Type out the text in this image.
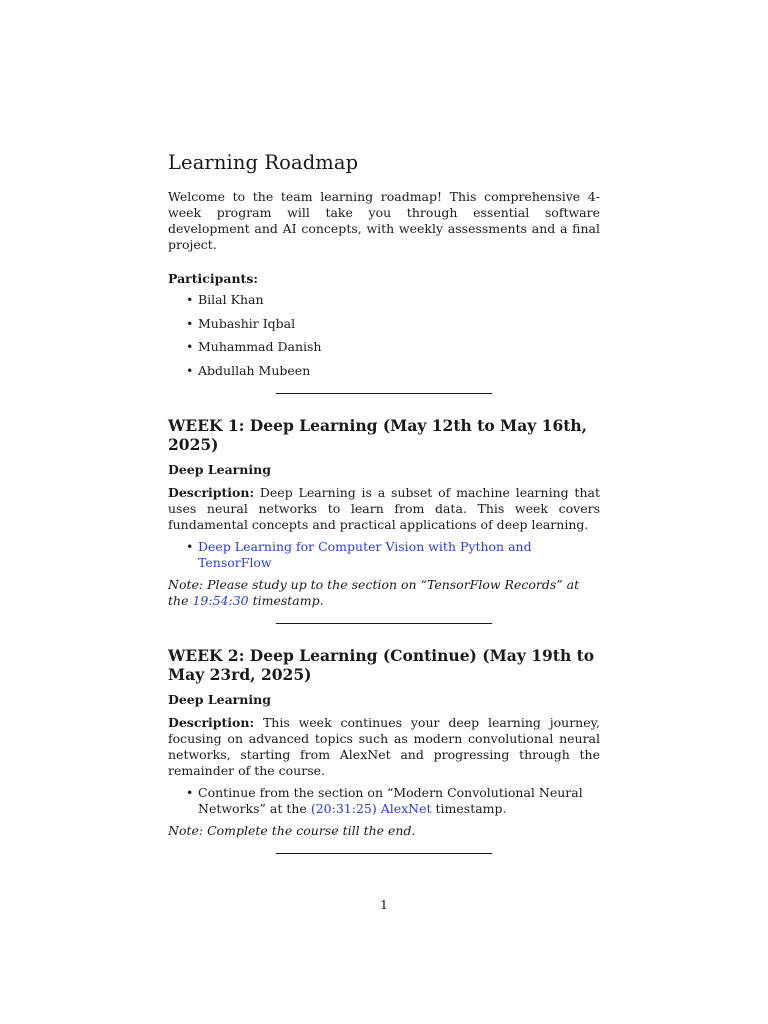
Learning Roadmap

Welcome to the team learning roadmap! This comprehensive 4-week program will take you through essential software development and AI concepts, with weekly assessments and a final project.

Participants:
• Bilal Khan
• Mubashir Iqbal
• Muhammad Danish
• Abdullah Mubeen
WEEK 1: Deep Learning (May 12th to May 16th, 2025)
Deep Learning

Description: Deep Learning is a subset of machine learning that uses neural networks to learn from data. This week covers fundamental concepts and practical applications of deep learning.

• Deep Learning for Computer Vision with Python and TensorFlow

Note: Please study up to the section on “TensorFlow Records” at the 19:54:30 timestamp.

WEEK 2: Deep Learning (Continue) (May 19th to May 23rd, 2025)
Deep Learning

Description: This week continues your deep learning journey, focusing on advanced topics such as modern convolutional neural networks, starting from AlexNet and progressing through the remainder of the course.

• Continue from the section on “Modern Convolutional Neural Networks” at the (20:31:25) AlexNet timestamp.

Note: Complete the course till the end.

1
